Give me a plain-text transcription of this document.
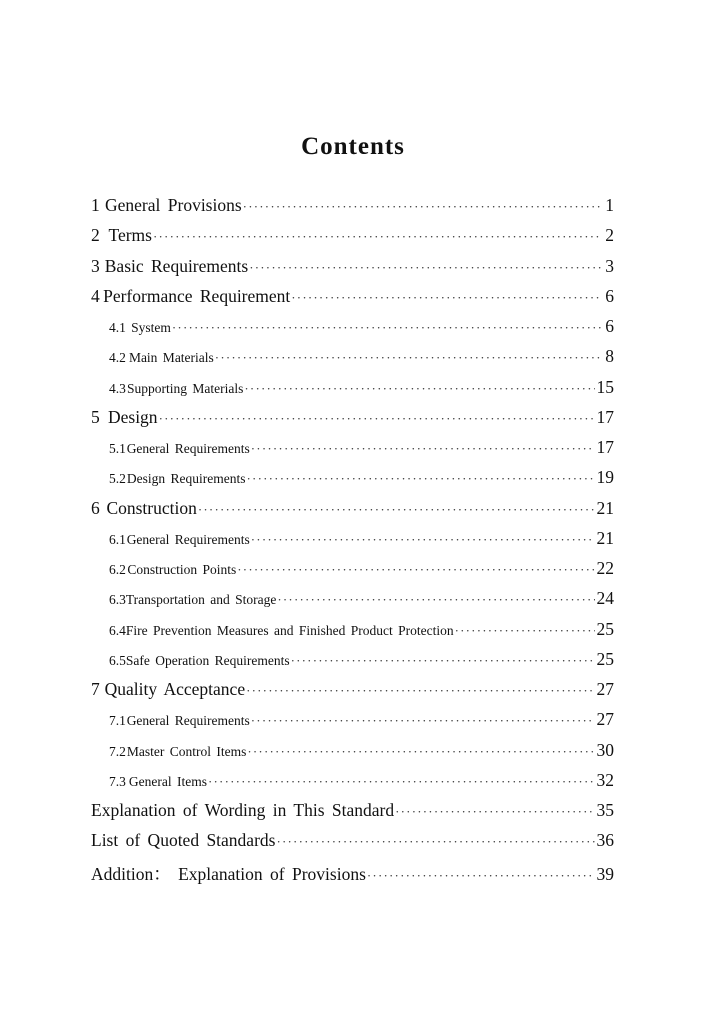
Contents
1 General Provisions ·····	1
2 Terms ·····	2
3 Basic Requirements ·····	3
4 Performance Requirement ·····	6
4.1 System ·····	6
4.2 Main Materials ·····	8
4.3 Supporting Materials ·····	15
5 Design ·····	17
5.1 General Requirements ·····	17
5.2 Design Requirements ·····	19
6 Construction ·····	21
6.1 General Requirements ·····	21
6.2 Construction Points ·····	22
6.3 Transportation and Storage ·····	24
6.4 Fire Prevention Measures and Finished Product Protection ·····	25
6.5 Safe Operation Requirements ·····	25
7 Quality Acceptance ·····	27
7.1 General Requirements ·····	27
7.2 Master Control Items ·····	30
7.3 General Items ·····	32
Explanation of Wording in This Standard ·····	35
List of Quoted Standards ·····	36
Addition： Explanation of Provisions ·····	39
